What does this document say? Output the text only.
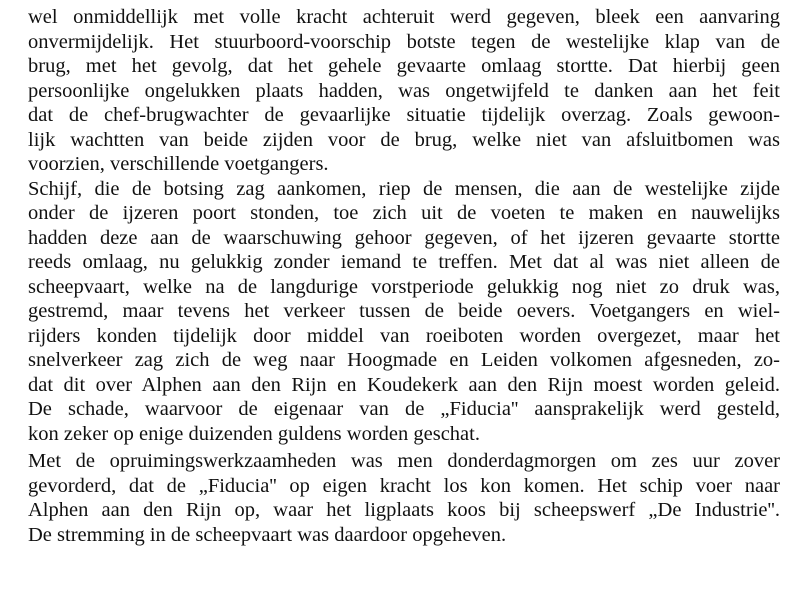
wel onmiddellijk met volle kracht achteruit werd gegeven, bleek een aanvaring
onvermijdelijk. Het stuurboord-voorschip botste tegen de westelijke klap van de
brug, met het gevolg, dat het gehele gevaarte omlaag stortte. Dat hierbij geen
persoonlijke ongelukken plaats hadden, was ongetwijfeld te danken aan het feit
dat de chef-brugwachter de gevaarlijke situatie tijdelijk overzag. Zoals gewoon-
lijk wachtten van beide zijden voor de brug, welke niet van afsluitbomen was
voorzien, verschillende voetgangers.
Schijf, die de botsing zag aankomen, riep de mensen, die aan de westelijke zijde
onder de ijzeren poort stonden, toe zich uit de voeten te maken en nauwelijks
hadden deze aan de waarschuwing gehoor gegeven, of het ijzeren gevaarte stortte
reeds omlaag, nu gelukkig zonder iemand te treffen. Met dat al was niet alleen de
scheepvaart, welke na de langdurige vorstperiode gelukkig nog niet zo druk was,
gestremd, maar tevens het verkeer tussen de beide oevers. Voetgangers en wiel-
rijders konden tijdelijk door middel van roeiboten worden overgezet, maar het
snelverkeer zag zich de weg naar Hoogmade en Leiden volkomen afgesneden, zo-
dat dit over Alphen aan den Rijn en Koudekerk aan den Rijn moest worden geleid.
De schade, waarvoor de eigenaar van de „Fiducia'' aansprakelijk werd gesteld,
kon zeker op enige duizenden guldens worden geschat.
Met de opruimingswerkzaamheden was men donderdagmorgen om zes uur zover
gevorderd, dat de „Fiducia'' op eigen kracht los kon komen. Het schip voer naar
Alphen aan den Rijn op, waar het ligplaats koos bij scheepswerf „De Industrie''.
De stremming in de scheepvaart was daardoor opgeheven.
